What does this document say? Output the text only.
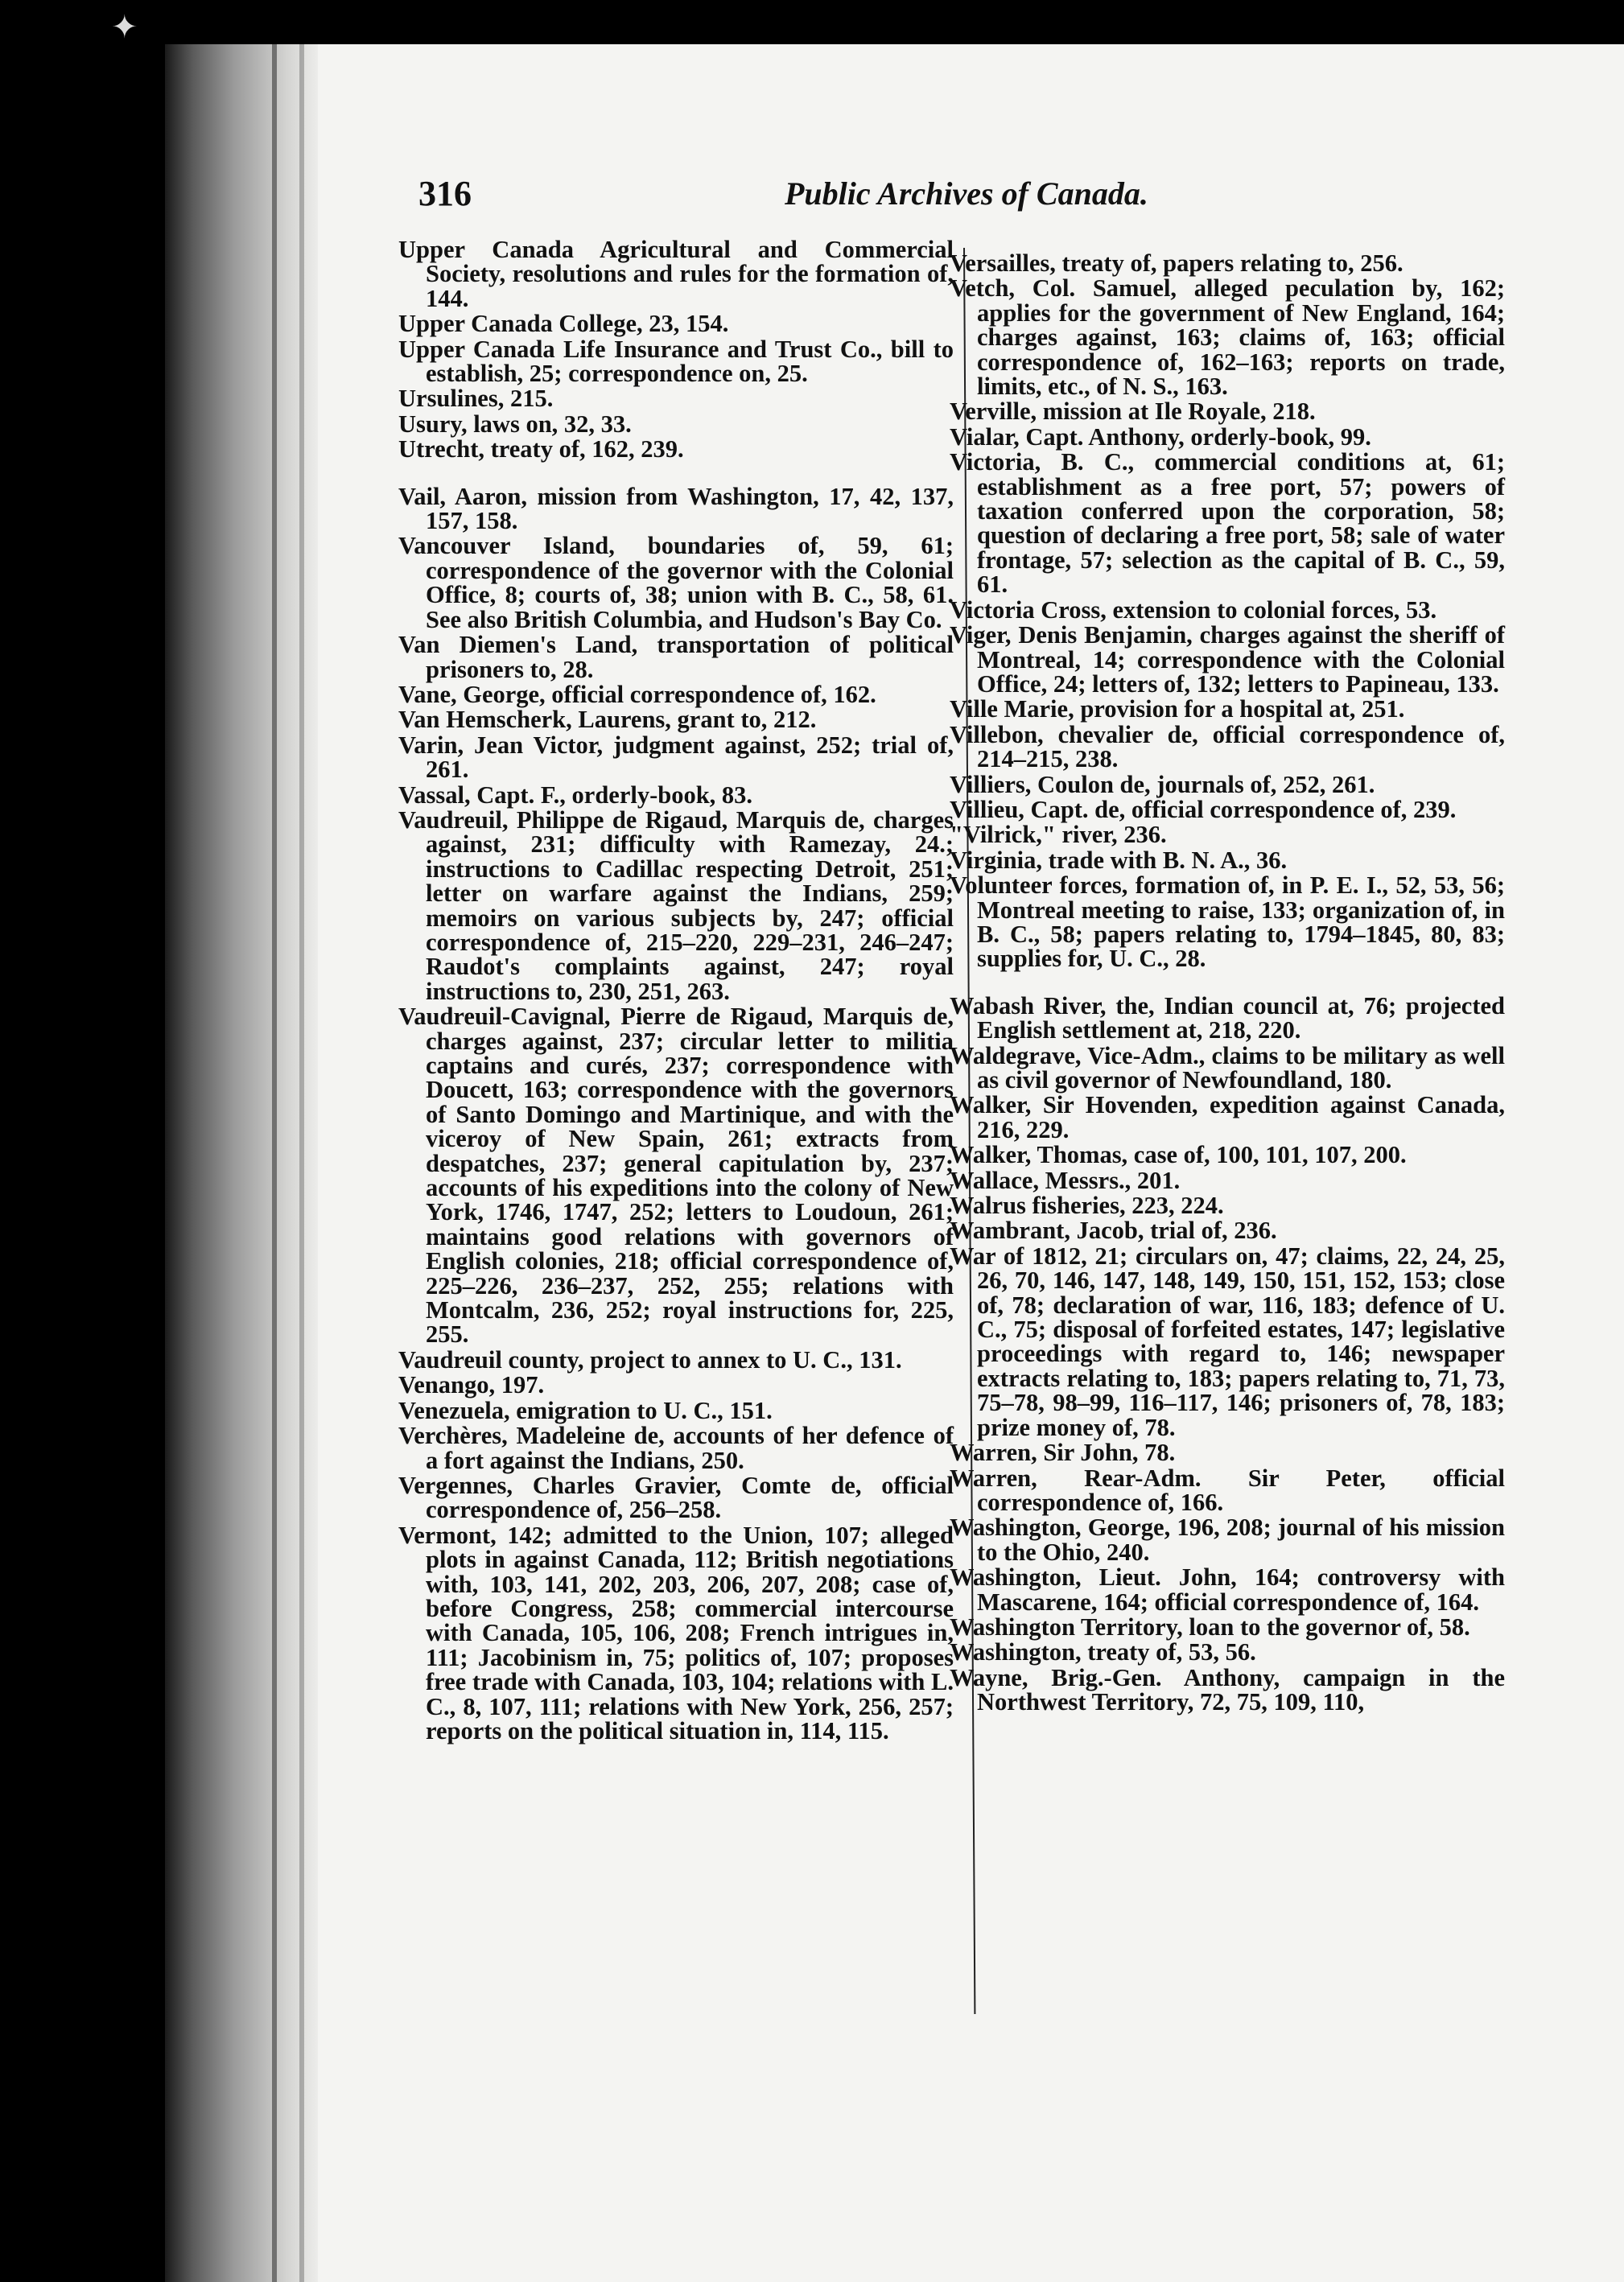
✦
316	Public Archives of Canada.

Upper Canada Agricultural and Commercial Society, resolutions and rules for the formation of, 144.

Upper Canada College, 23, 154.

Upper Canada Life Insurance and Trust Co., bill to establish, 25; correspondence on, 25.

Ursulines, 215.

Usury, laws on, 32, 33.

Utrecht, treaty of, 162, 239.

Vail, Aaron, mission from Washington, 17, 42, 137, 157, 158.

Vancouver Island, boundaries of, 59, 61; correspondence of the governor with the Colonial Office, 8; courts of, 38; union with B. C., 58, 61. See also British Columbia, and Hudson's Bay Co.

Van Diemen's Land, transportation of political prisoners to, 28.

Vane, George, official correspondence of, 162.

Van Hemscherk, Laurens, grant to, 212.

Varin, Jean Victor, judgment against, 252; trial of, 261.

Vassal, Capt. F., orderly-book, 83.

Vaudreuil, Philippe de Rigaud, Marquis de, charges against, 231; difficulty with Ramezay, 24.; instructions to Cadillac respecting Detroit, 251; letter on warfare against the Indians, 259; memoirs on various subjects by, 247; official correspondence of, 215–220, 229–231, 246–247; Raudot's complaints against, 247; royal instructions to, 230, 251, 263.

Vaudreuil-Cavignal, Pierre de Rigaud, Marquis de, charges against, 237; circular letter to militia captains and curés, 237; correspondence with Doucett, 163; correspondence with the governors of Santo Domingo and Martinique, and with the viceroy of New Spain, 261; extracts from despatches, 237; general capitulation by, 237; accounts of his expeditions into the colony of New York, 1746, 1747, 252; letters to Loudoun, 261; maintains good relations with governors of English colonies, 218; official correspondence of, 225–226, 236–237, 252, 255; relations with Montcalm, 236, 252; royal instructions for, 225, 255.

Vaudreuil county, project to annex to U. C., 131.

Venango, 197.

Venezuela, emigration to U. C., 151.

Verchères, Madeleine de, accounts of her defence of a fort against the Indians, 250.

Vergennes, Charles Gravier, Comte de, official correspondence of, 256–258.

Vermont, 142; admitted to the Union, 107; alleged plots in against Canada, 112; British negotiations with, 103, 141, 202, 203, 206, 207, 208; case of, before Congress, 258; commercial intercourse with Canada, 105, 106, 208; French intrigues in, 111; Jacobinism in, 75; politics of, 107; proposes free trade with Canada, 103, 104; relations with L. C., 8, 107, 111; relations with New York, 256, 257; reports on the political situation in, 114, 115.

Versailles, treaty of, papers relating to, 256.

Vetch, Col. Samuel, alleged peculation by, 162; applies for the government of New England, 164; charges against, 163; claims of, 163; official correspondence of, 162–163; reports on trade, limits, etc., of N. S., 163.

Verville, mission at Ile Royale, 218.

Vialar, Capt. Anthony, orderly-book, 99.

Victoria, B. C., commercial conditions at, 61; establishment as a free port, 57; powers of taxation conferred upon the corporation, 58; question of declaring a free port, 58; sale of water frontage, 57; selection as the capital of B. C., 59, 61.

Victoria Cross, extension to colonial forces, 53.

Viger, Denis Benjamin, charges against the sheriff of Montreal, 14; correspondence with the Colonial Office, 24; letters of, 132; letters to Papineau, 133.

Ville Marie, provision for a hospital at, 251.

Villebon, chevalier de, official correspondence of, 214–215, 238.

Villiers, Coulon de, journals of, 252, 261.

Villieu, Capt. de, official correspondence of, 239.

"Vilrick," river, 236.

Virginia, trade with B. N. A., 36.

Volunteer forces, formation of, in P. E. I., 52, 53, 56; Montreal meeting to raise, 133; organization of, in B. C., 58; papers relating to, 1794–1845, 80, 83; supplies for, U. C., 28.

Wabash River, the, Indian council at, 76; projected English settlement at, 218, 220.

Waldegrave, Vice-Adm., claims to be military as well as civil governor of Newfoundland, 180.

Walker, Sir Hovenden, expedition against Canada, 216, 229.

Walker, Thomas, case of, 100, 101, 107, 200.

Wallace, Messrs., 201.

Walrus fisheries, 223, 224.

Wambrant, Jacob, trial of, 236.

War of 1812, 21; circulars on, 47; claims, 22, 24, 25, 26, 70, 146, 147, 148, 149, 150, 151, 152, 153; close of, 78; declaration of war, 116, 183; defence of U. C., 75; disposal of forfeited estates, 147; legislative proceedings with regard to, 146; newspaper extracts relating to, 183; papers relating to, 71, 73, 75–78, 98–99, 116–117, 146; prisoners of, 78, 183; prize money of, 78.

Warren, Sir John, 78.

Warren, Rear-Adm. Sir Peter, official correspondence of, 166.

Washington, George, 196, 208; journal of his mission to the Ohio, 240.

Washington, Lieut. John, 164; controversy with Mascarene, 164; official correspondence of, 164.

Washington Territory, loan to the governor of, 58.

Washington, treaty of, 53, 56.

Wayne, Brig.-Gen. Anthony, campaign in the Northwest Territory, 72, 75, 109, 110,
